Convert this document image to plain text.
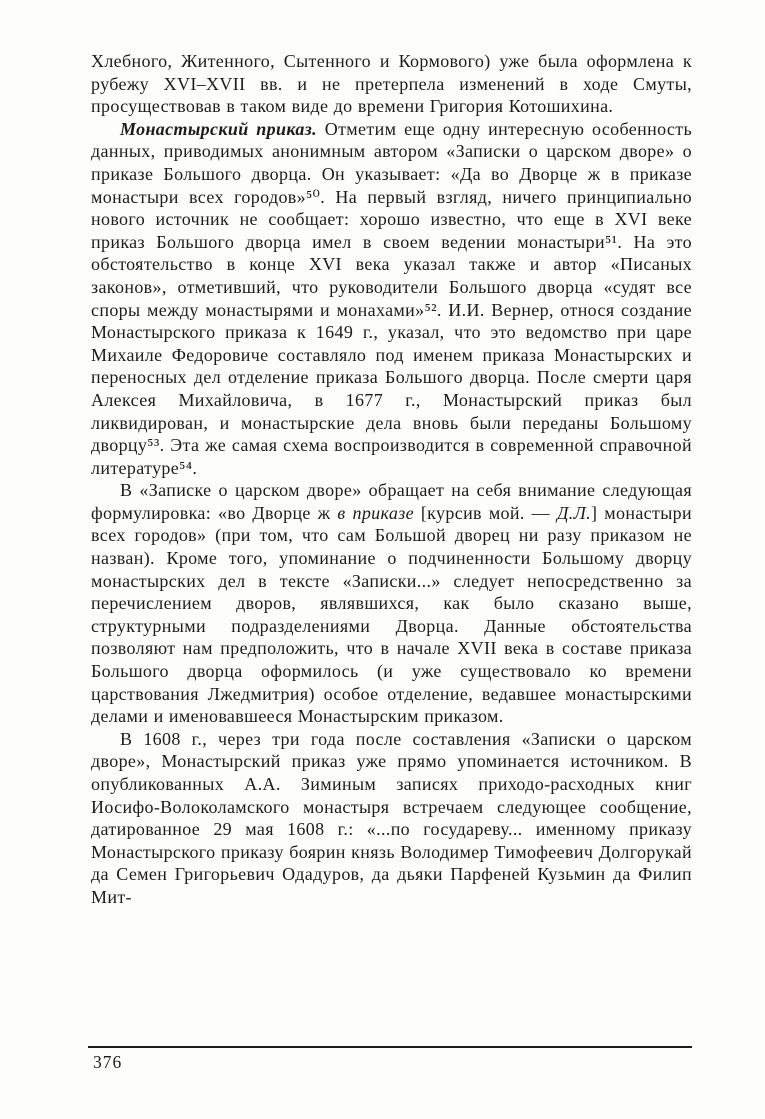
Хлебного, Житенного, Сытенного и Кормового) уже была оформлена к рубежу XVI–XVII вв. и не претерпела изменений в ходе Смуты, просуществовав в таком виде до времени Григория Котошихина.

Монастырский приказ. Отметим еще одну интересную особенность данных, приводимых анонимным автором «Записки о царском дворе» о приказе Большого дворца. Он указывает: «Да во Дворце ж в приказе монастыри всех городов»⁵⁰. На первый взгляд, ничего принципиально нового источник не сообщает: хорошо известно, что еще в XVI веке приказ Большого дворца имел в своем ведении монастыри⁵¹. На это обстоятельство в конце XVI века указал также и автор «Писаных законов», отметивший, что руководители Большого дворца «судят все споры между монастырями и монахами»⁵². И.И. Вернер, относя создание Монастырского приказа к 1649 г., указал, что это ведомство при царе Михаиле Федоровиче составляло под именем приказа Монастырских и переносных дел отделение приказа Большого дворца. После смерти царя Алексея Михайловича, в 1677 г., Монастырский приказ был ликвидирован, и монастырские дела вновь были переданы Большому дворцу⁵³. Эта же самая схема воспроизводится в современной справочной литературе⁵⁴.

В «Записке о царском дворе» обращает на себя внимание следующая формулировка: «во Дворце ж в приказе [курсив мой. — Д.Л.] монастыри всех городов» (при том, что сам Большой дворец ни разу приказом не назван). Кроме того, упоминание о подчиненности Большому дворцу монастырских дел в тексте «Записки...» следует непосредственно за перечислением дворов, являвшихся, как было сказано выше, структурными подразделениями Дворца. Данные обстоятельства позволяют нам предположить, что в начале XVII века в составе приказа Большого дворца оформилось (и уже существовало ко времени царствования Лжедмитрия) особое отделение, ведавшее монастырскими делами и именовавшееся Монастырским приказом.

В 1608 г., через три года после составления «Записки о царском дворе», Монастырский приказ уже прямо упоминается источником. В опубликованных А.А. Зиминым записях приходо-расходных книг Иосифо-Волоколамского монастыря встречаем следующее сообщение, датированное 29 мая 1608 г.: «...по государеву... именному приказу Монастырского приказу боярин князь Володимер Тимофеевич Долгорукай да Семен Григорьевич Одадуров, да дьяки Парфеней Кузьмин да Филип Мит-

376
